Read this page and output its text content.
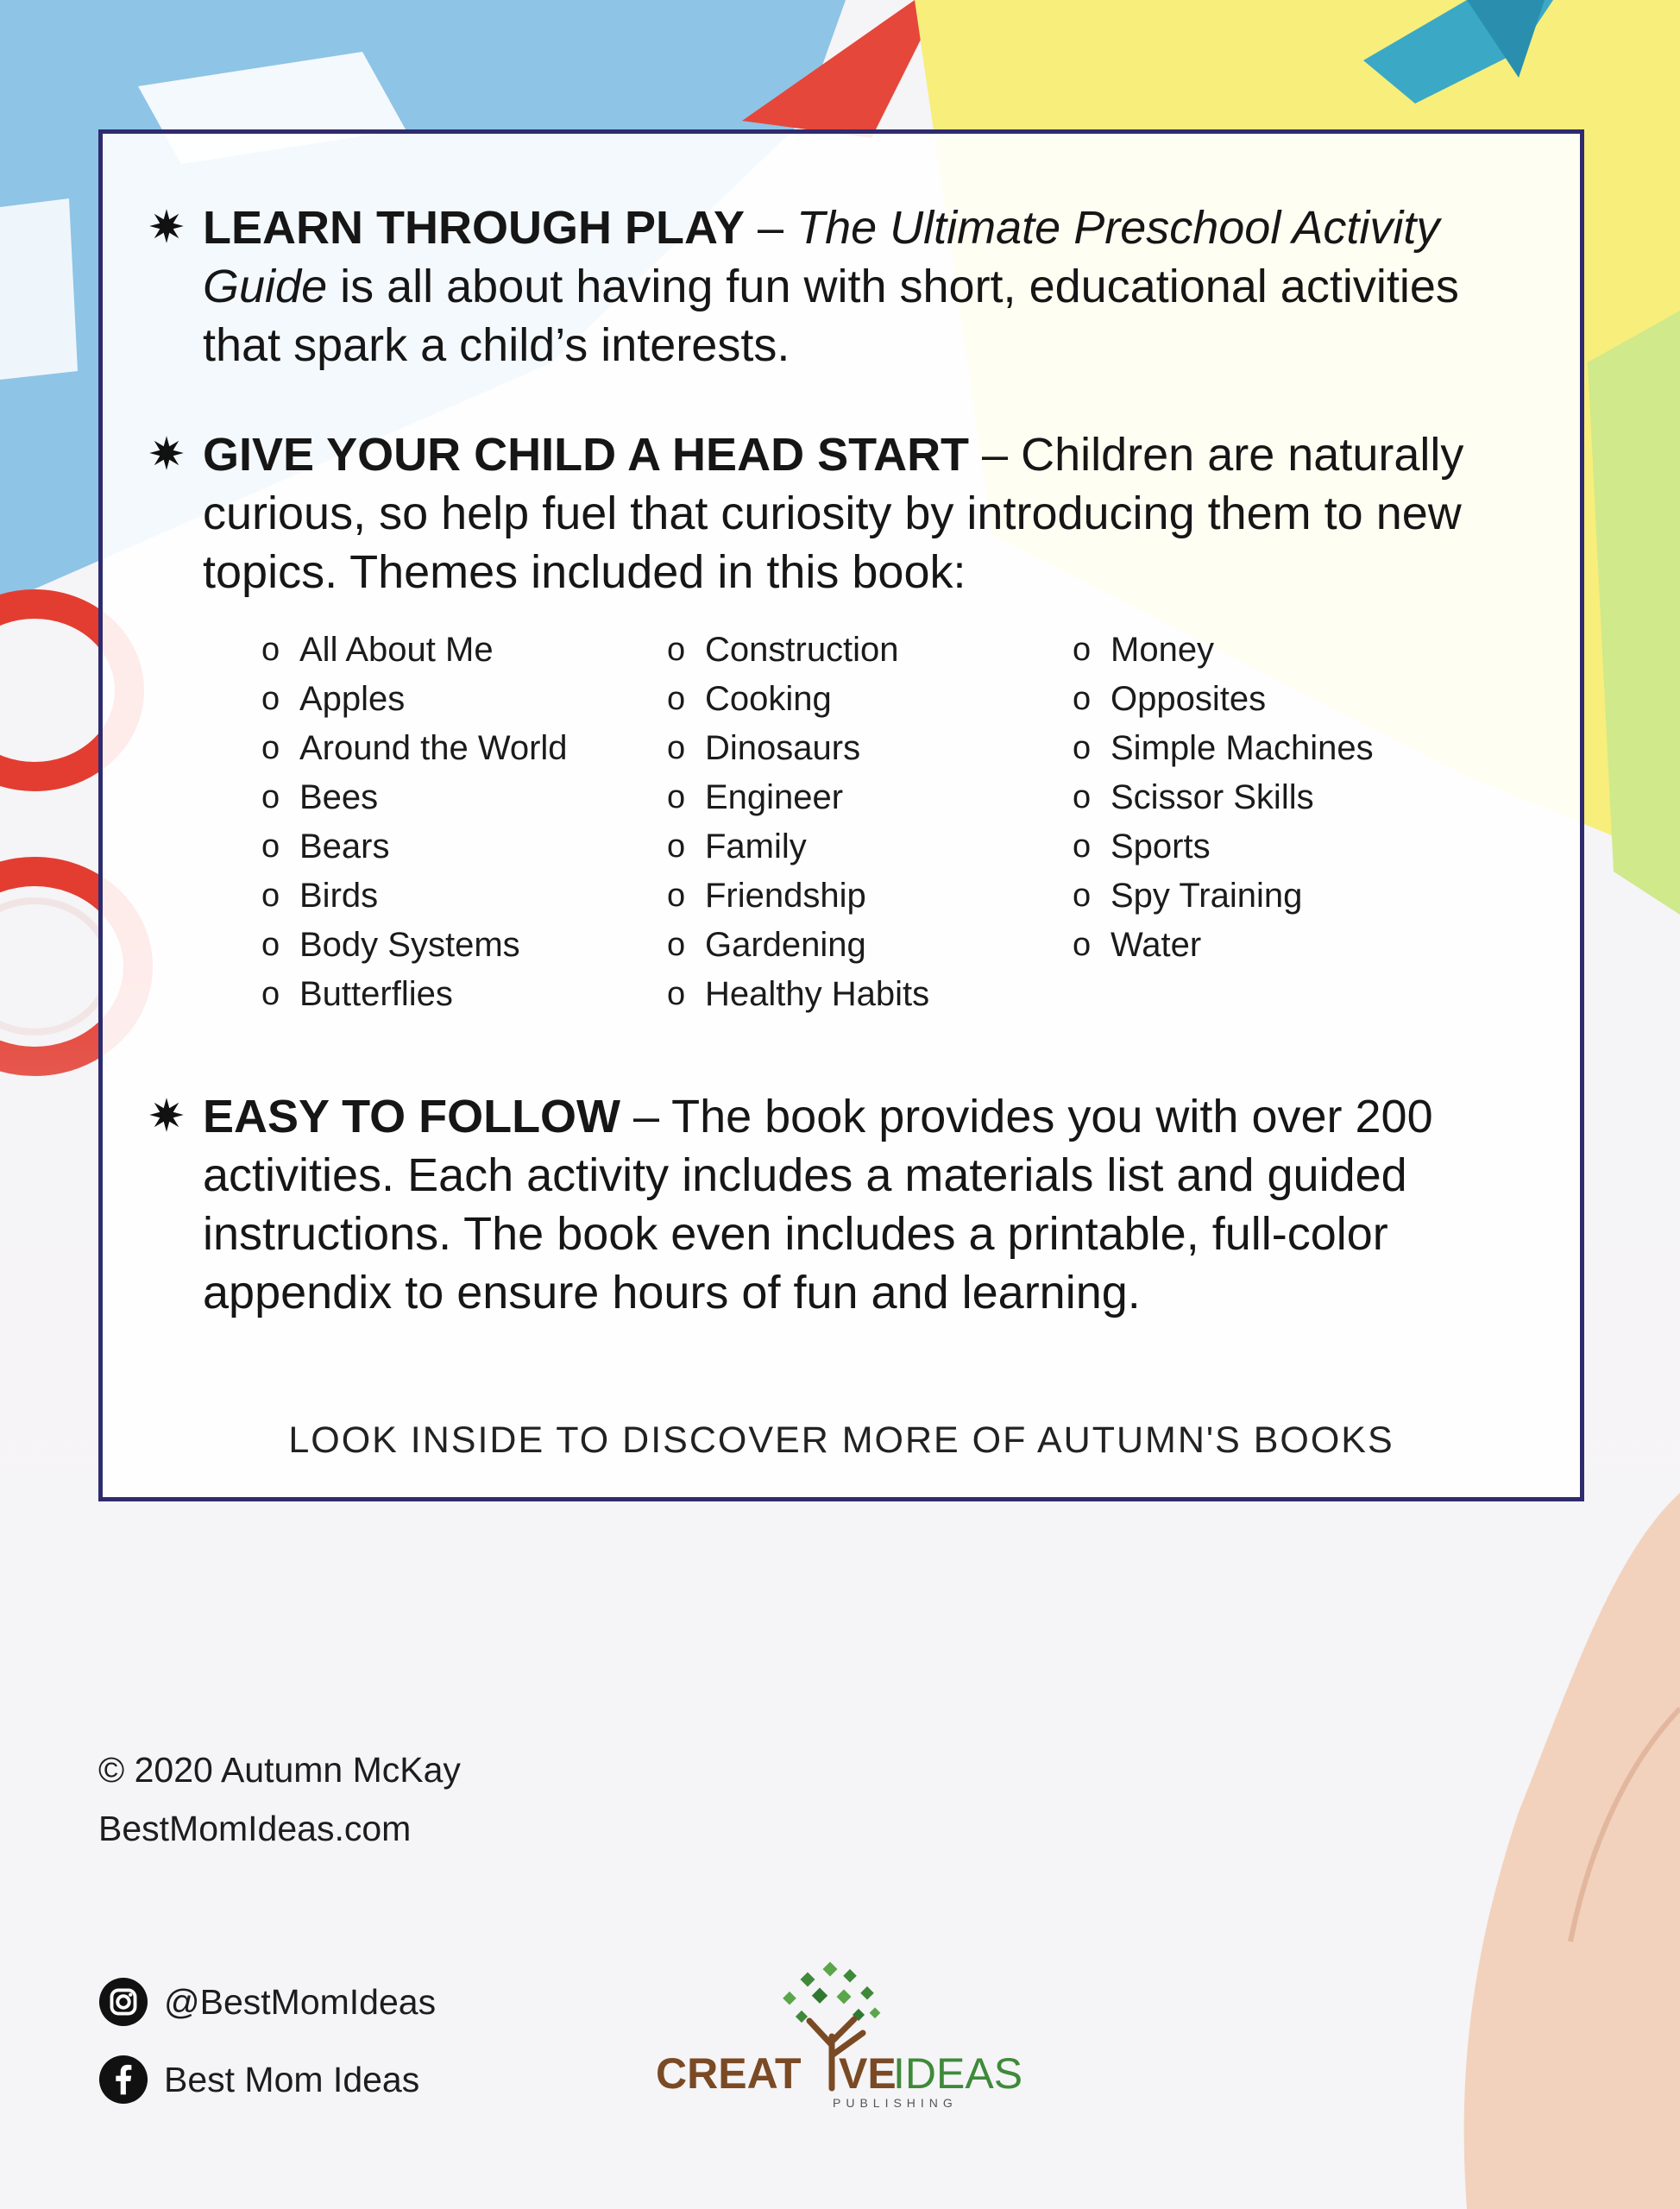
LEARN THROUGH PLAY – The Ultimate Preschool Activity Guide is all about having fun with short, educational activities that spark a child’s interests.

GIVE YOUR CHILD A HEAD START – Children are naturally curious, so help fuel that curiosity by introducing them to new topics. Themes included in this book:

o All About Me
o Apples
o Around the World
o Bees
o Bears
o Birds
o Body Systems
o Butterflies
o Construction
o Cooking
o Dinosaurs
o Engineer
o Family
o Friendship
o Gardening
o Healthy Habits
o Money
o Opposites
o Simple Machines
o Scissor Skills
o Sports
o Spy Training
o Water

EASY TO FOLLOW – The book provides you with over 200 activities. Each activity includes a materials list and guided instructions. The book even includes a printable, full-color appendix to ensure hours of fun and learning.

LOOK INSIDE TO DISCOVER MORE OF AUTUMN'S BOOKS
© 2020 Autumn McKay
BestMomIdeas.com
@BestMomIdeas
Best Mom Ideas	CREAT VE
IDEAS
PUBLISHING
